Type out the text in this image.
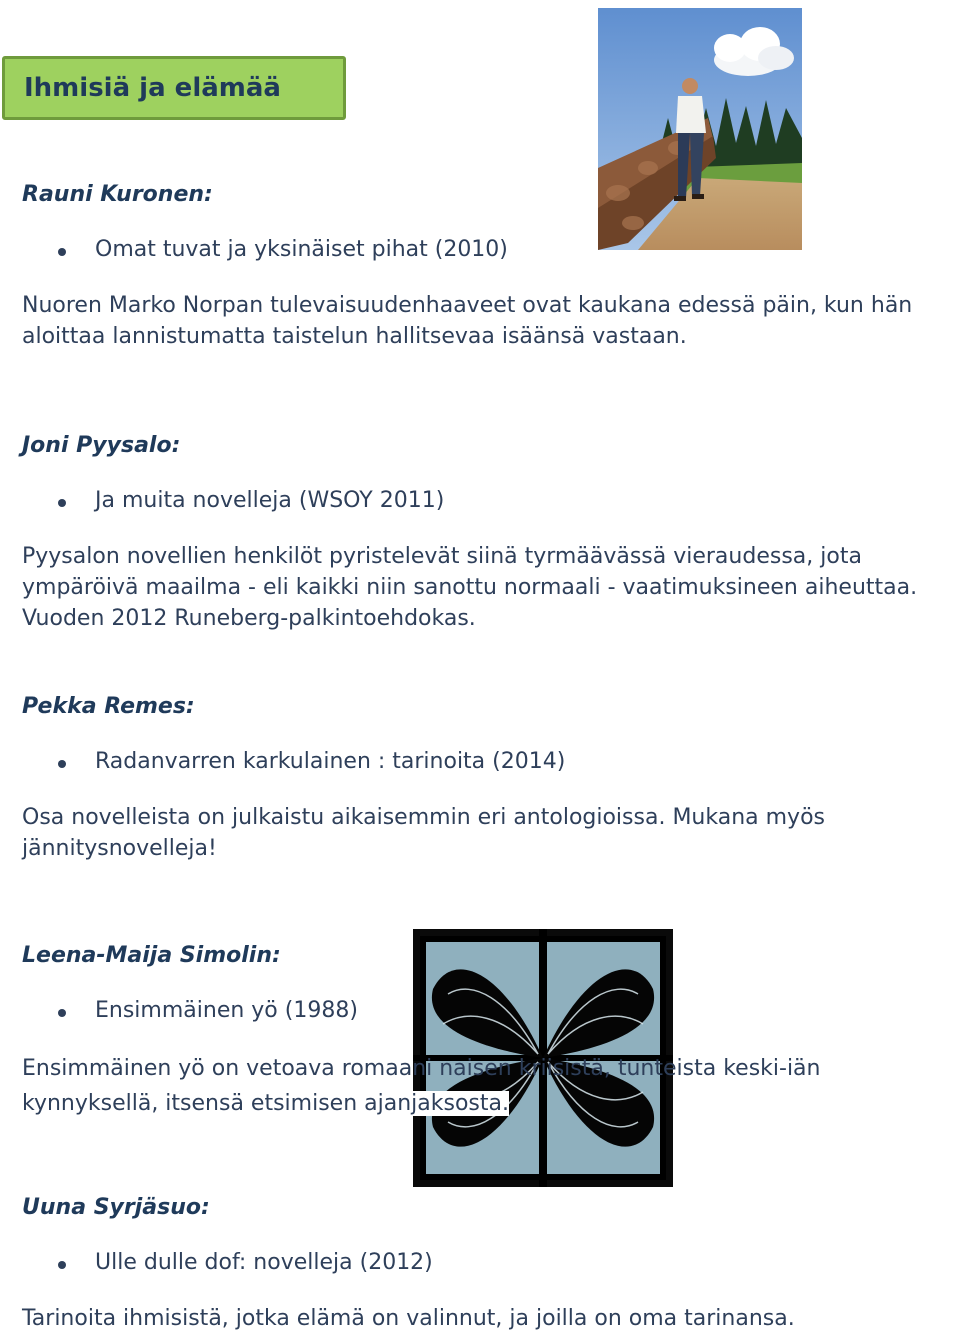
Ihmisiä ja elämää
Rauni Kuronen:
Omat tuvat ja yksinäiset pihat (2010)
Nuoren Marko Norpan tulevaisuudenhaaveet ovat kaukana edessä päin, kun hän aloittaa lannistumatta taistelun hallitsevaa isäänsä vastaan.
Joni Pyysalo:
Ja muita novelleja (WSOY 2011)
Pyysalon novellien henkilöt pyristelevät siinä tyrmäävässä vieraudessa, jota ympäröivä maailma - eli kaikki niin sanottu normaali - vaatimuksineen aiheuttaa. Vuoden 2012 Runeberg-palkintoehdokas.
Pekka Remes:
Radanvarren karkulainen : tarinoita (2014)
Osa novelleista on julkaistu aikaisemmin eri antologioissa. Mukana myös jännitysnovelleja!
Leena-Maija Simolin:
Ensimmäinen yö (1988)
Ensimmäinen yö on vetoava romaani naisen kriisistä, tunteista keski-iän
kynnyksellä, itsensä etsimisen ajanjaksosta.
Uuna Syrjäsuo:
Ulle dulle dof: novelleja (2012)
Tarinoita ihmisistä, jotka elämä on valinnut, ja joilla on oma tarinansa.
